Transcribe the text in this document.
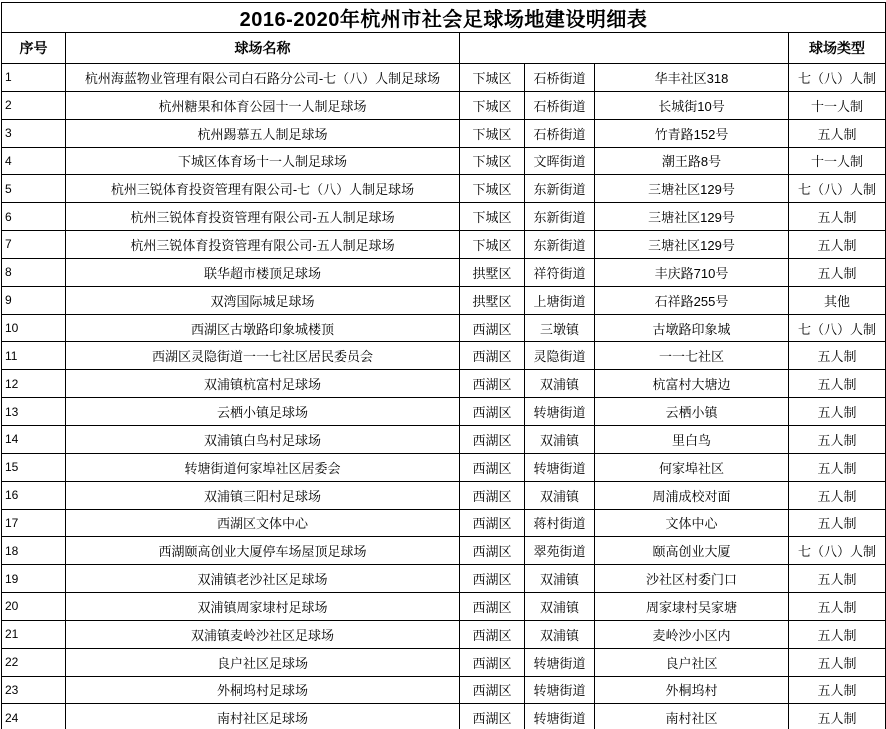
2016-2020年杭州市社会足球场地建设明细表					
序号	球场名称				球场类型
1	杭州海蓝物业管理有限公司白石路分公司-七（八）人制足球场	下城区	石桥街道	华丰社区318	七（八）人制
2	杭州糖果和体育公园十一人制足球场	下城区	石桥街道	长城街10号	十一人制
3	杭州踢慕五人制足球场	下城区	石桥街道	竹青路152号	五人制
4	下城区体育场十一人制足球场	下城区	文晖街道	潮王路8号	十一人制
5	杭州三锐体育投资管理有限公司-七（八）人制足球场	下城区	东新街道	三塘社区129号	七（八）人制
6	杭州三锐体育投资管理有限公司-五人制足球场	下城区	东新街道	三塘社区129号	五人制
7	杭州三锐体育投资管理有限公司-五人制足球场	下城区	东新街道	三塘社区129号	五人制
8	联华超市楼顶足球场	拱墅区	祥符街道	丰庆路710号	五人制
9	双湾国际城足球场	拱墅区	上塘街道	石祥路255号	其他
10	西湖区古墩路印象城楼顶	西湖区	三墩镇	古墩路印象城	七（八）人制
11	西湖区灵隐街道一一七社区居民委员会	西湖区	灵隐街道	一一七社区	五人制
12	双浦镇杭富村足球场	西湖区	双浦镇	杭富村大塘边	五人制
13	云栖小镇足球场	西湖区	转塘街道	云栖小镇	五人制
14	双浦镇白鸟村足球场	西湖区	双浦镇	里白鸟	五人制
15	转塘街道何家埠社区居委会	西湖区	转塘街道	何家埠社区	五人制
16	双浦镇三阳村足球场	西湖区	双浦镇	周浦成校对面	五人制
17	西湖区文体中心	西湖区	蒋村街道	文体中心	五人制
18	西湖颐高创业大厦停车场屋顶足球场	西湖区	翠苑街道	颐高创业大厦	七（八）人制
19	双浦镇老沙社区足球场	西湖区	双浦镇	沙社区村委门口	五人制
20	双浦镇周家埭村足球场	西湖区	双浦镇	周家埭村吴家塘	五人制
21	双浦镇麦岭沙社区足球场	西湖区	双浦镇	麦岭沙小区内	五人制
22	良户社区足球场	西湖区	转塘街道	良户社区	五人制
23	外桐坞村足球场	西湖区	转塘街道	外桐坞村	五人制
24	南村社区足球场	西湖区	转塘街道	南村社区	五人制
